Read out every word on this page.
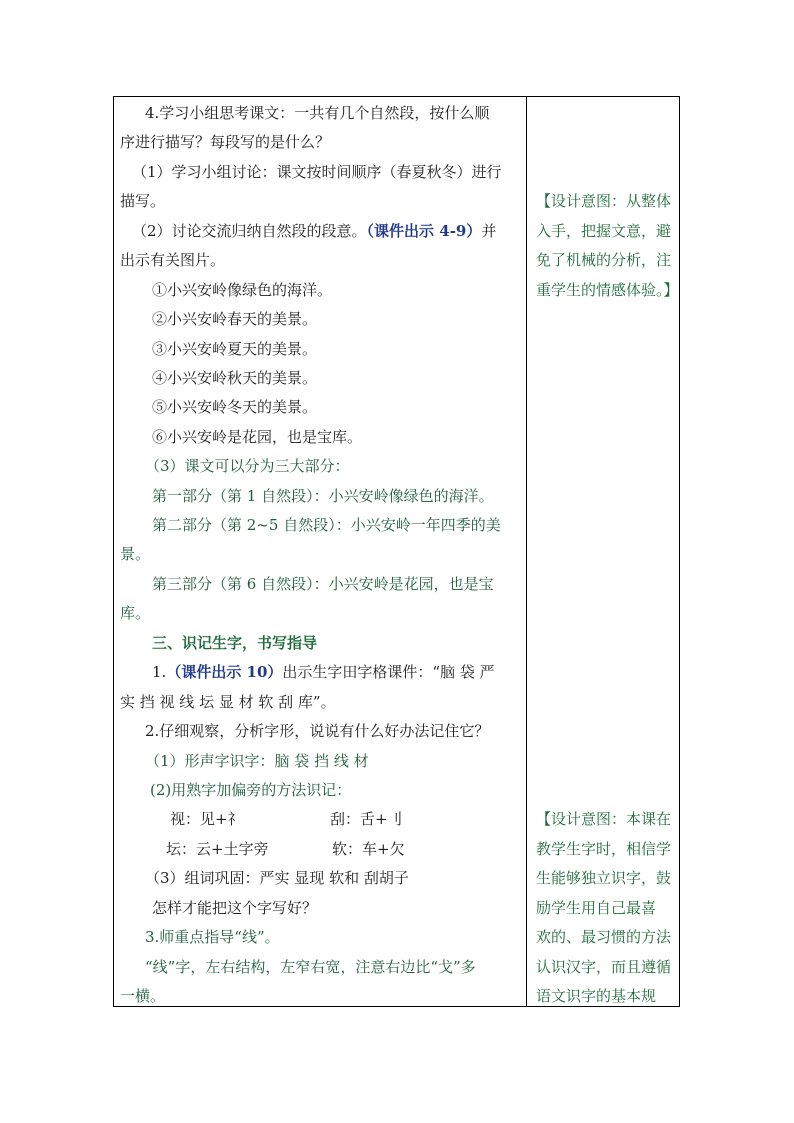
4.学习小组思考课文：一共有几个自然段，按什么顺
序进行描写？每段写的是什么？
（1）学习小组讨论：课文按时间顺序（春夏秋冬）进行
描写。
（2）讨论交流归纳自然段的段意。（课件出示 4-9）并
出示有关图片。
①小兴安岭像绿色的海洋。
②小兴安岭春天的美景。
③小兴安岭夏天的美景。
④小兴安岭秋天的美景。
⑤小兴安岭冬天的美景。
⑥小兴安岭是花园，也是宝库。
（3）课文可以分为三大部分：
第一部分（第 1 自然段）：小兴安岭像绿色的海洋。
第二部分（第 2~5 自然段）：小兴安岭一年四季的美
景。
第三部分（第 6 自然段）：小兴安岭是花园，也是宝
库。
三、识记生字，书写指导
1.（课件出示 10）出示生字田字格课件：“脑 袋 严
实 挡 视 线 坛 显 材 软 刮 库”。
2.仔细观察，分析字形，说说有什么好办法记住它？
（1）形声字识字：脑 袋 挡 线 材
(2)用熟字加偏旁的方法识记：
视：见+礻	刮：舌+刂
坛：云+土字旁	软：车+欠
（3）组词巩固：严实 显现 软和 刮胡子
怎样才能把这个字写好？
3.师重点指导“线”。
“线”字，左右结构，左窄右宽，注意右边比“戈”多
一横。
【设计意图：从整体
入手，把握文意，避
免了机械的分析，注
重学生的情感体验。】
【设计意图：本课在
教学生字时，相信学
生能够独立识字，鼓
励学生用自己最喜
欢的、最习惯的方法
认识汉字，而且遵循
语文识字的基本规
